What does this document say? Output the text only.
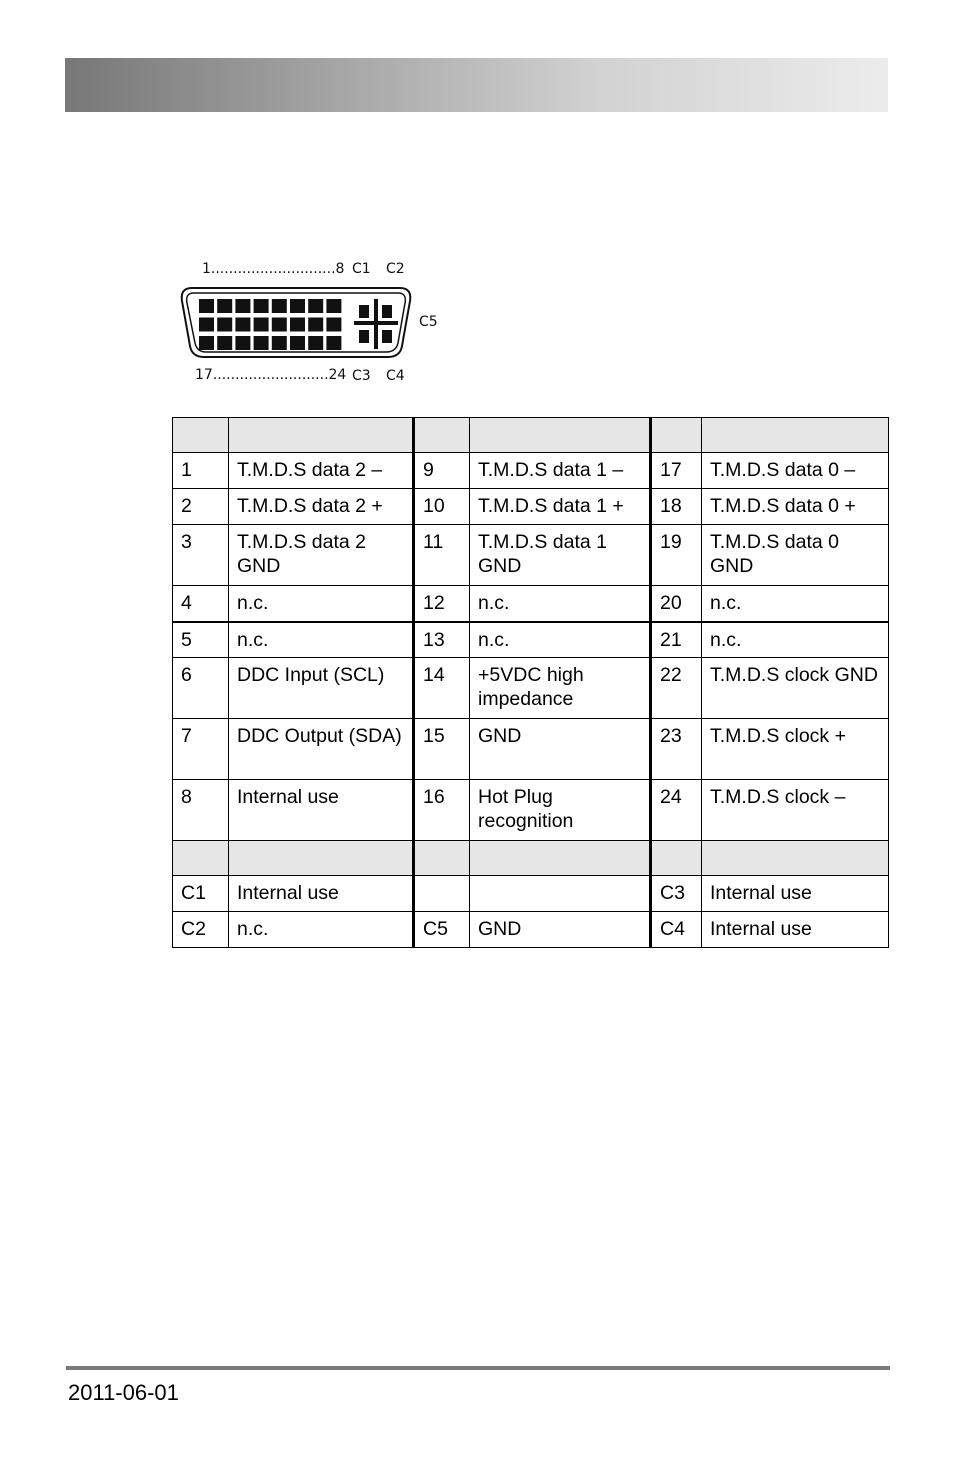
1............................8 C1 C2
C5
17..........................24 C3 C4

1	T.M.D.S data 2 –	9	T.M.D.S data 1 –	17	T.M.D.S data 0 –
2	T.M.D.S data 2 +	10	T.M.D.S data 1 +	18	T.M.D.S data 0 +
3	T.M.D.S data 2 GND	11	T.M.D.S data 1 GND	19	T.M.D.S data 0 GND
4	n.c.	12	n.c.	20	n.c.
5	n.c.	13	n.c.	21	n.c.
6	DDC Input (SCL)	14	+5VDC high impedance	22	T.M.D.S clock GND
7	DDC Output (SDA)	15	GND	23	T.M.D.S clock +
8	Internal use	16	Hot Plug recognition	24	T.M.D.S clock –

C1	Internal use			C3	Internal use
C2	n.c.	C5	GND	C4	Internal use
2011-06-01
